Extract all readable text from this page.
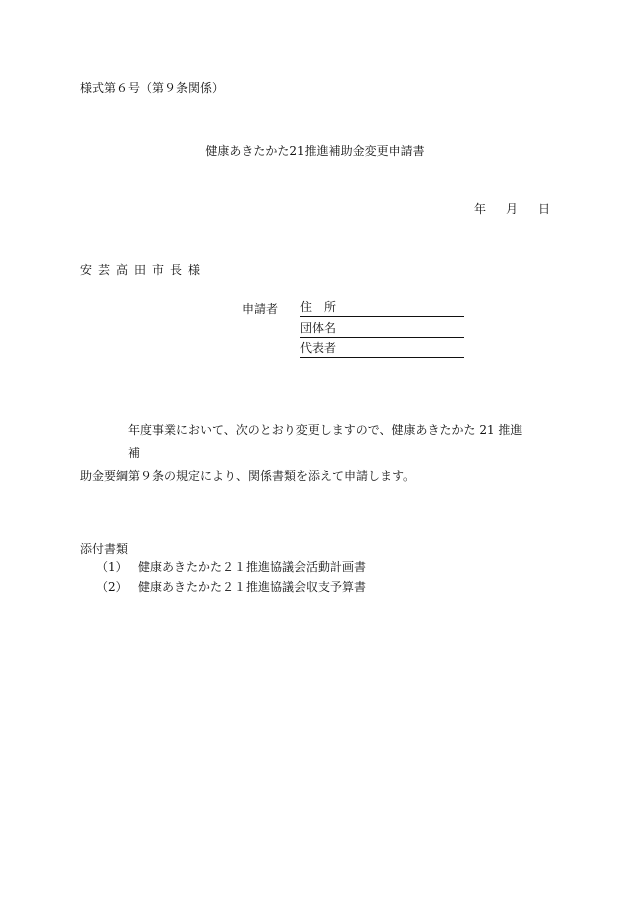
様式第６号（第９条関係）
健康あきたかた21推進補助金変更申請書
年 月 日
安芸高田市長様
申請者 住　所
団体名
代表者
年度事業において、次のとおり変更しますので、健康あきたかた 21 推進補
助金要綱第９条の規定により、関係書類を添えて申請します。
添付書類
（1） 健康あきたかた２１推進協議会活動計画書
（2） 健康あきたかた２１推進協議会収支予算書
